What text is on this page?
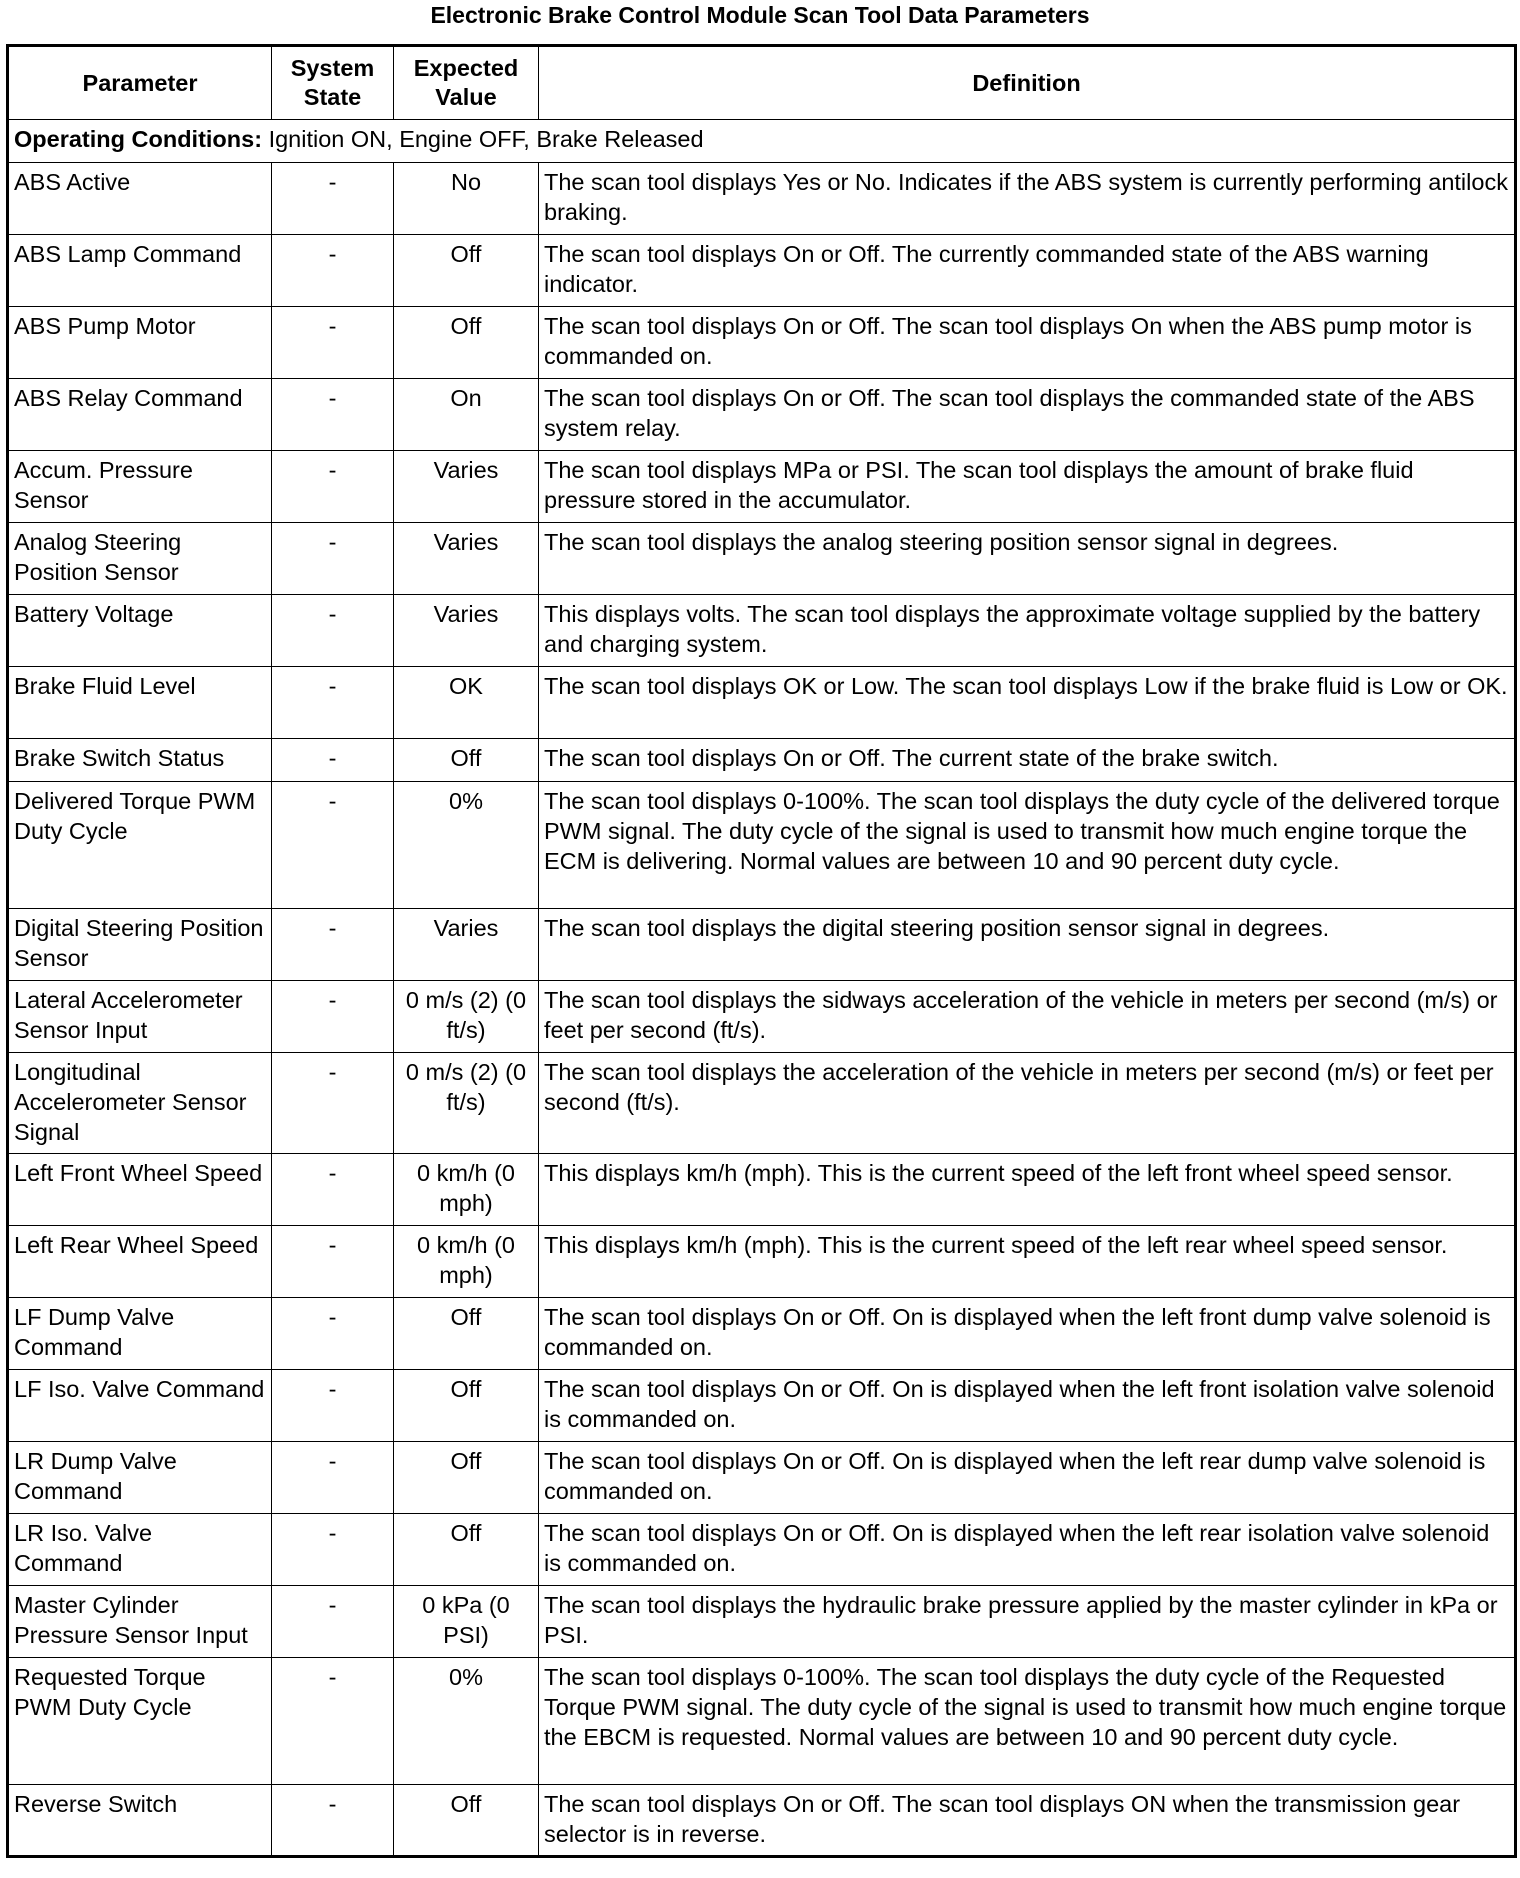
Electronic Brake Control Module Scan Tool Data Parameters
Parameter	System State	Expected Value	Definition
Operating Conditions: Ignition ON, Engine OFF, Brake Released			
ABS Active	-	No	The scan tool displays Yes or No. Indicates if the ABS system is currently performing antilock braking.
ABS Lamp Command	-	Off	The scan tool displays On or Off. The currently commanded state of the ABS warning indicator.
ABS Pump Motor	-	Off	The scan tool displays On or Off. The scan tool displays On when the ABS pump motor is commanded on.
ABS Relay Command	-	On	The scan tool displays On or Off. The scan tool displays the commanded state of the ABS system relay.
Accum. Pressure Sensor	-	Varies	The scan tool displays MPa or PSI. The scan tool displays the amount of brake fluid pressure stored in the accumulator.
Analog Steering Position Sensor	-	Varies	The scan tool displays the analog steering position sensor signal in degrees.
Battery Voltage	-	Varies	This displays volts. The scan tool displays the approximate voltage supplied by the battery and charging system.
Brake Fluid Level	-	OK	The scan tool displays OK or Low. The scan tool displays Low if the brake fluid is Low or OK.
Brake Switch Status	-	Off	The scan tool displays On or Off. The current state of the brake switch.
Delivered Torque PWM Duty Cycle	-	0%	The scan tool displays 0-100%. The scan tool displays the duty cycle of the delivered torque PWM signal. The duty cycle of the signal is used to transmit how much engine torque the ECM is delivering. Normal values are between 10 and 90 percent duty cycle.
Digital Steering Position Sensor	-	Varies	The scan tool displays the digital steering position sensor signal in degrees.
Lateral Accelerometer Sensor Input	-	0 m/s (2) (0 ft/s)	The scan tool displays the sidways acceleration of the vehicle in meters per second (m/s) or feet per second (ft/s).
Longitudinal Accelerometer Sensor Signal	-	0 m/s (2) (0 ft/s)	The scan tool displays the acceleration of the vehicle in meters per second (m/s) or feet per second (ft/s).
Left Front Wheel Speed	-	0 km/h (0 mph)	This displays km/h (mph). This is the current speed of the left front wheel speed sensor.
Left Rear Wheel Speed	-	0 km/h (0 mph)	This displays km/h (mph). This is the current speed of the left rear wheel speed sensor.
LF Dump Valve Command	-	Off	The scan tool displays On or Off. On is displayed when the left front dump valve solenoid is commanded on.
LF Iso. Valve Command	-	Off	The scan tool displays On or Off. On is displayed when the left front isolation valve solenoid is commanded on.
LR Dump Valve Command	-	Off	The scan tool displays On or Off. On is displayed when the left rear dump valve solenoid is commanded on.
LR Iso. Valve Command	-	Off	The scan tool displays On or Off. On is displayed when the left rear isolation valve solenoid is commanded on.
Master Cylinder Pressure Sensor Input	-	0 kPa (0 PSI)	The scan tool displays the hydraulic brake pressure applied by the master cylinder in kPa or PSI.
Requested Torque PWM Duty Cycle	-	0%	The scan tool displays 0-100%. The scan tool displays the duty cycle of the Requested Torque PWM signal. The duty cycle of the signal is used to transmit how much engine torque the EBCM is requested. Normal values are between 10 and 90 percent duty cycle.
Reverse Switch	-	Off	The scan tool displays On or Off. The scan tool displays ON when the transmission gear selector is in reverse.
